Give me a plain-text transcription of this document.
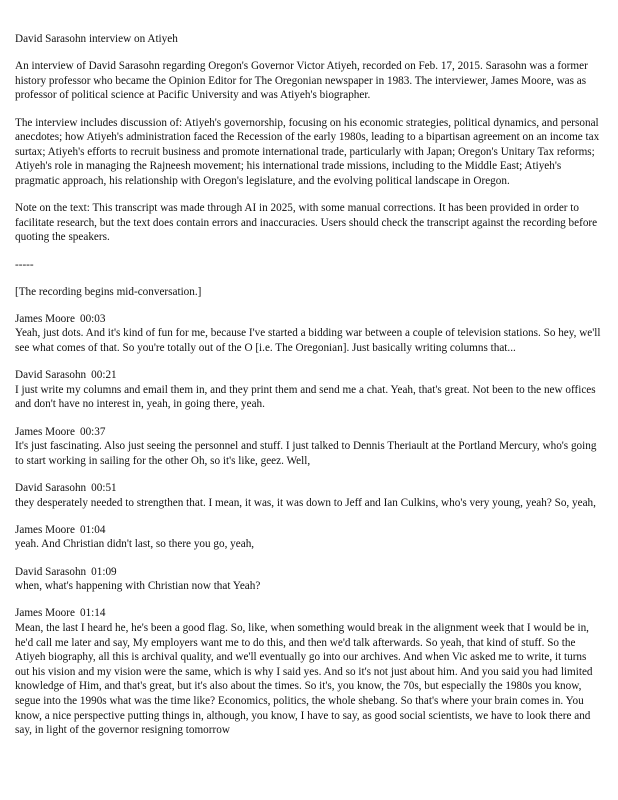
David Sarasohn interview on Atiyeh

An interview of David Sarasohn regarding Oregon's Governor Victor Atiyeh, recorded on Feb. 17, 2015. Sarasohn was a former history professor who became the Opinion Editor for The Oregonian newspaper in 1983. The interviewer, James Moore, was as professor of political science at Pacific University and was Atiyeh's biographer.

The interview includes discussion of: Atiyeh's governorship, focusing on his economic strategies, political dynamics, and personal anecdotes; how Atiyeh's administration faced the Recession of the early 1980s, leading to a bipartisan agreement on an income tax surtax; Atiyeh's efforts to recruit business and promote international trade, particularly with Japan; Oregon's Unitary Tax reforms; Atiyeh's role in managing the Rajneesh movement; his international trade missions, including to the Middle East; Atiyeh's pragmatic approach, his relationship with Oregon's legislature, and the evolving political landscape in Oregon.

Note on the text: This transcript was made through AI in 2025, with some manual corrections. It has been provided in order to facilitate research, but the text does contain errors and inaccuracies. Users should check the transcript against the recording before quoting the speakers.

-----

[The recording begins mid-conversation.]

James Moore 00:03
Yeah, just dots. And it's kind of fun for me, because I've started a bidding war between a couple of television stations. So hey, we'll see what comes of that. So you're totally out of the O [i.e. The Oregonian]. Just basically writing columns that...
David Sarasohn 00:21
I just write my columns and email them in, and they print them and send me a chat. Yeah, that's great. Not been to the new offices and don't have no interest in, yeah, in going there, yeah.
James Moore 00:37
It's just fascinating. Also just seeing the personnel and stuff. I just talked to Dennis Theriault at the Portland Mercury, who's going to start working in sailing for the other Oh, so it's like, geez. Well,
David Sarasohn 00:51
they desperately needed to strengthen that. I mean, it was, it was down to Jeff and Ian Culkins, who's very young, yeah? So, yeah,
James Moore 01:04
yeah. And Christian didn't last, so there you go, yeah,
David Sarasohn 01:09
when, what's happening with Christian now that Yeah?
James Moore 01:14
Mean, the last I heard he, he's been a good flag. So, like, when something would break in the alignment week that I would be in, he'd call me later and say, My employers want me to do this, and then we'd talk afterwards. So yeah, that kind of stuff. So the Atiyeh biography, all this is archival quality, and we'll eventually go into our archives. And when Vic asked me to write, it turns out his vision and my vision were the same, which is why I said yes. And so it's not just about him. And you said you had limited knowledge of Him, and that's great, but it's also about the times. So it's, you know, the 70s, but especially the 1980s you know, segue into the 1990s what was the time like? Economics, politics, the whole shebang. So that's where your brain comes in. You know, a nice perspective putting things in, although, you know, I have to say, as good social scientists, we have to look there and say, in light of the governor resigning tomorrow
